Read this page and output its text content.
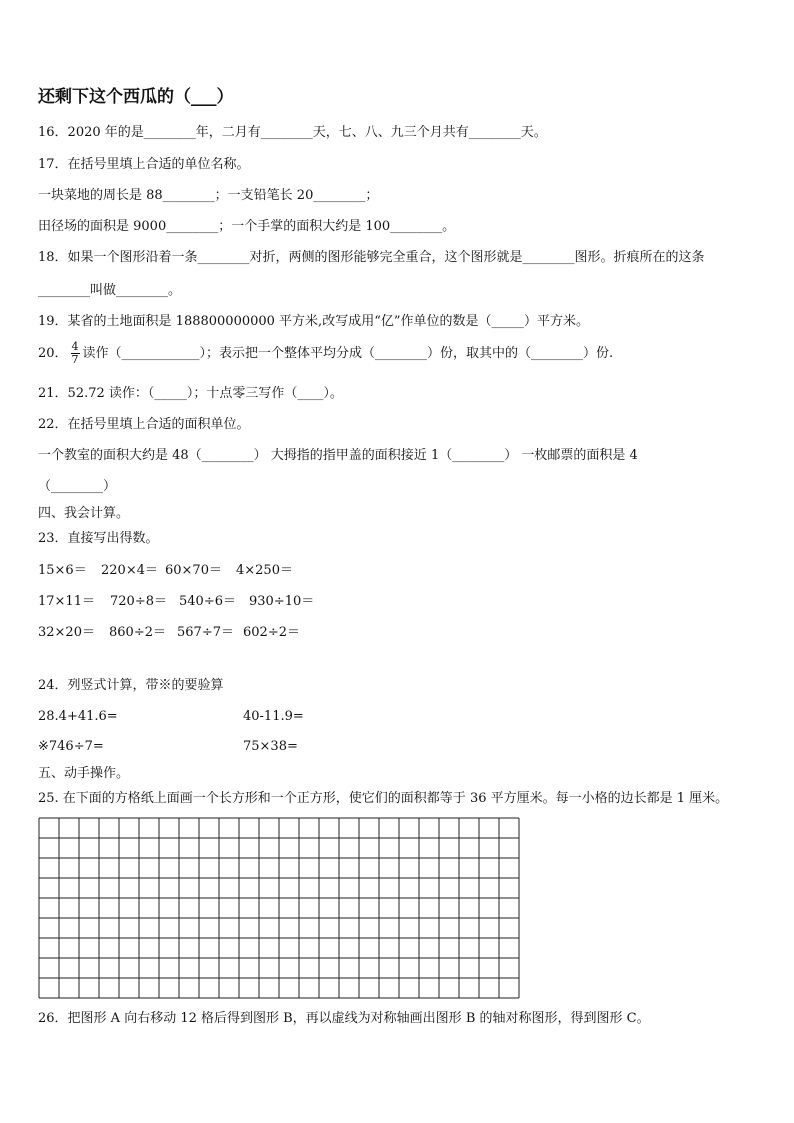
还剩下这个西瓜的（___）
16．2020 年的是________年，二月有________天，七、八、九三个月共有________天。
17．在括号里填上合适的单位名称。
一块菜地的周长是 88________；一支铅笔长 20________；
田径场的面积是 9000________；一个手掌的面积大约是 100________。
18．如果一个图形沿着一条________对折，两侧的图形能够完全重合，这个图形就是________图形。折痕所在的这条
________叫做________。
19．某省的土地面积是 188800000000 平方米,改写成用“亿”作单位的数是（_____）平方米。
20． $\frac{4}{7}$ 读作（____________）；表示把一个整体平均分成（________）份，取其中的（________）份.
21．52.72 读作：（_____）；十点零三写作（____）。
22．在括号里填上合适的面积单位。
一个教室的面积大约是 48（________） 大拇指的指甲盖的面积接近 1（________） 一枚邮票的面积是 4
（________）
四、我会计算。
23．直接写出得数。
15×6＝ 220×4＝ 60×70＝ 4×250＝
17×11＝ 720÷8＝ 540÷6＝ 930÷10＝
32×20＝ 860÷2＝ 567÷7＝ 602÷2＝
24．列竖式计算，带※的要验算
28.4+41.6=	40-11.9=
※746÷7=	75×38=
五、动手操作。
25. 在下面的方格纸上面画一个长方形和一个正方形，使它们的面积都等于 36 平方厘米。每一小格的边长都是 1 厘米。
26．把图形 A 向右移动 12 格后得到图形 B，再以虚线为对称轴画出图形 B 的轴对称图形，得到图形 C。
